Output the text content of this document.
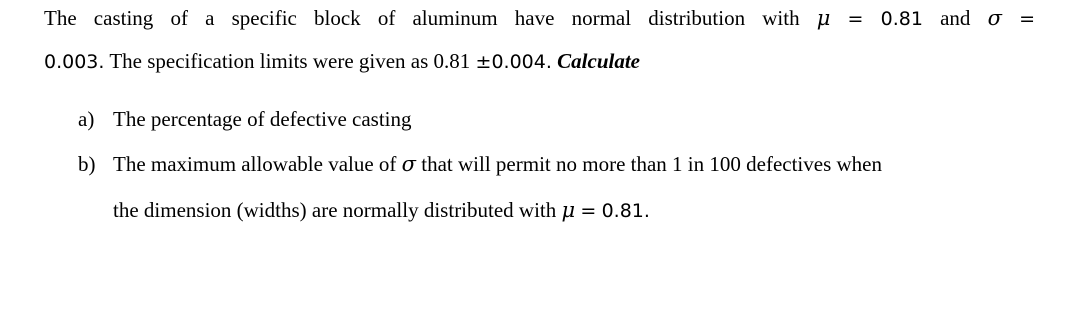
The casting of a specific block of aluminum have normal distribution with μ = 0.81 and σ =
0.003. The specification limits were given as 0.81 ±0.004. Calculate
a) The percentage of defective casting
b) The maximum allowable value of σ that will permit no more than 1 in 100 defectives when
the dimension (widths) are normally distributed with μ = 0.81.
